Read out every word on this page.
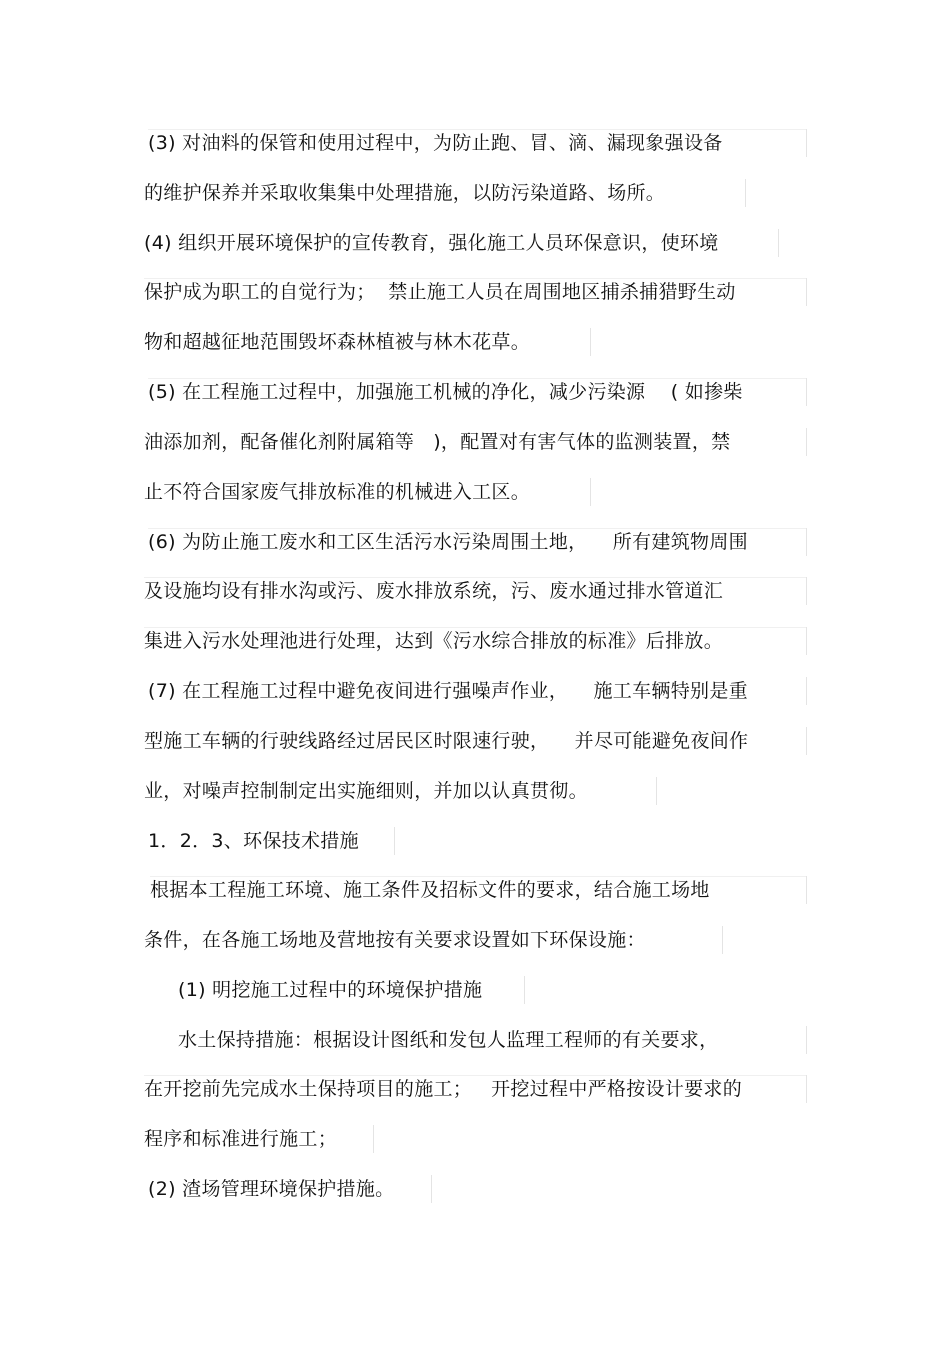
(3) 对油料的保管和使用过程中，为防止跑、冒、滴、漏现象强设备
的维护保养并采取收集集中处理措施，以防污染道路、场所。
(4) 组织开展环境保护的宣传教育，强化施工人员环保意识，使环境
保护成为职工的自觉行为；  禁止施工人员在周围地区捕杀捕猎野生动
物和超越征地范围毁坏森林植被与林木花草。
(5) 在工程施工过程中，加强施工机械的净化，减少污染源    ( 如掺柴
油添加剂，配备催化剂附属箱等   )，配置对有害气体的监测装置，禁
止不符合国家废气排放标准的机械进入工区。
(6) 为防止施工废水和工区生活污水污染周围土地，    所有建筑物周围
及设施均设有排水沟或污、废水排放系统，污、废水通过排水管道汇
集进入污水处理池进行处理，达到《污水综合排放的标准》后排放。
(7) 在工程施工过程中避免夜间进行强噪声作业，    施工车辆特别是重
型施工车辆的行驶线路经过居民区时限速行驶，    并尽可能避免夜间作
业，对噪声控制制定出实施细则，并加以认真贯彻。
1．2．3、环保技术措施
根据本工程施工环境、施工条件及招标文件的要求，结合施工场地
条件，在各施工场地及营地按有关要求设置如下环保设施：
(1) 明挖施工过程中的环境保护措施
水土保持措施：根据设计图纸和发包人监理工程师的有关要求，
在开挖前先完成水土保持项目的施工；   开挖过程中严格按设计要求的
程序和标准进行施工；
(2) 渣场管理环境保护措施。
